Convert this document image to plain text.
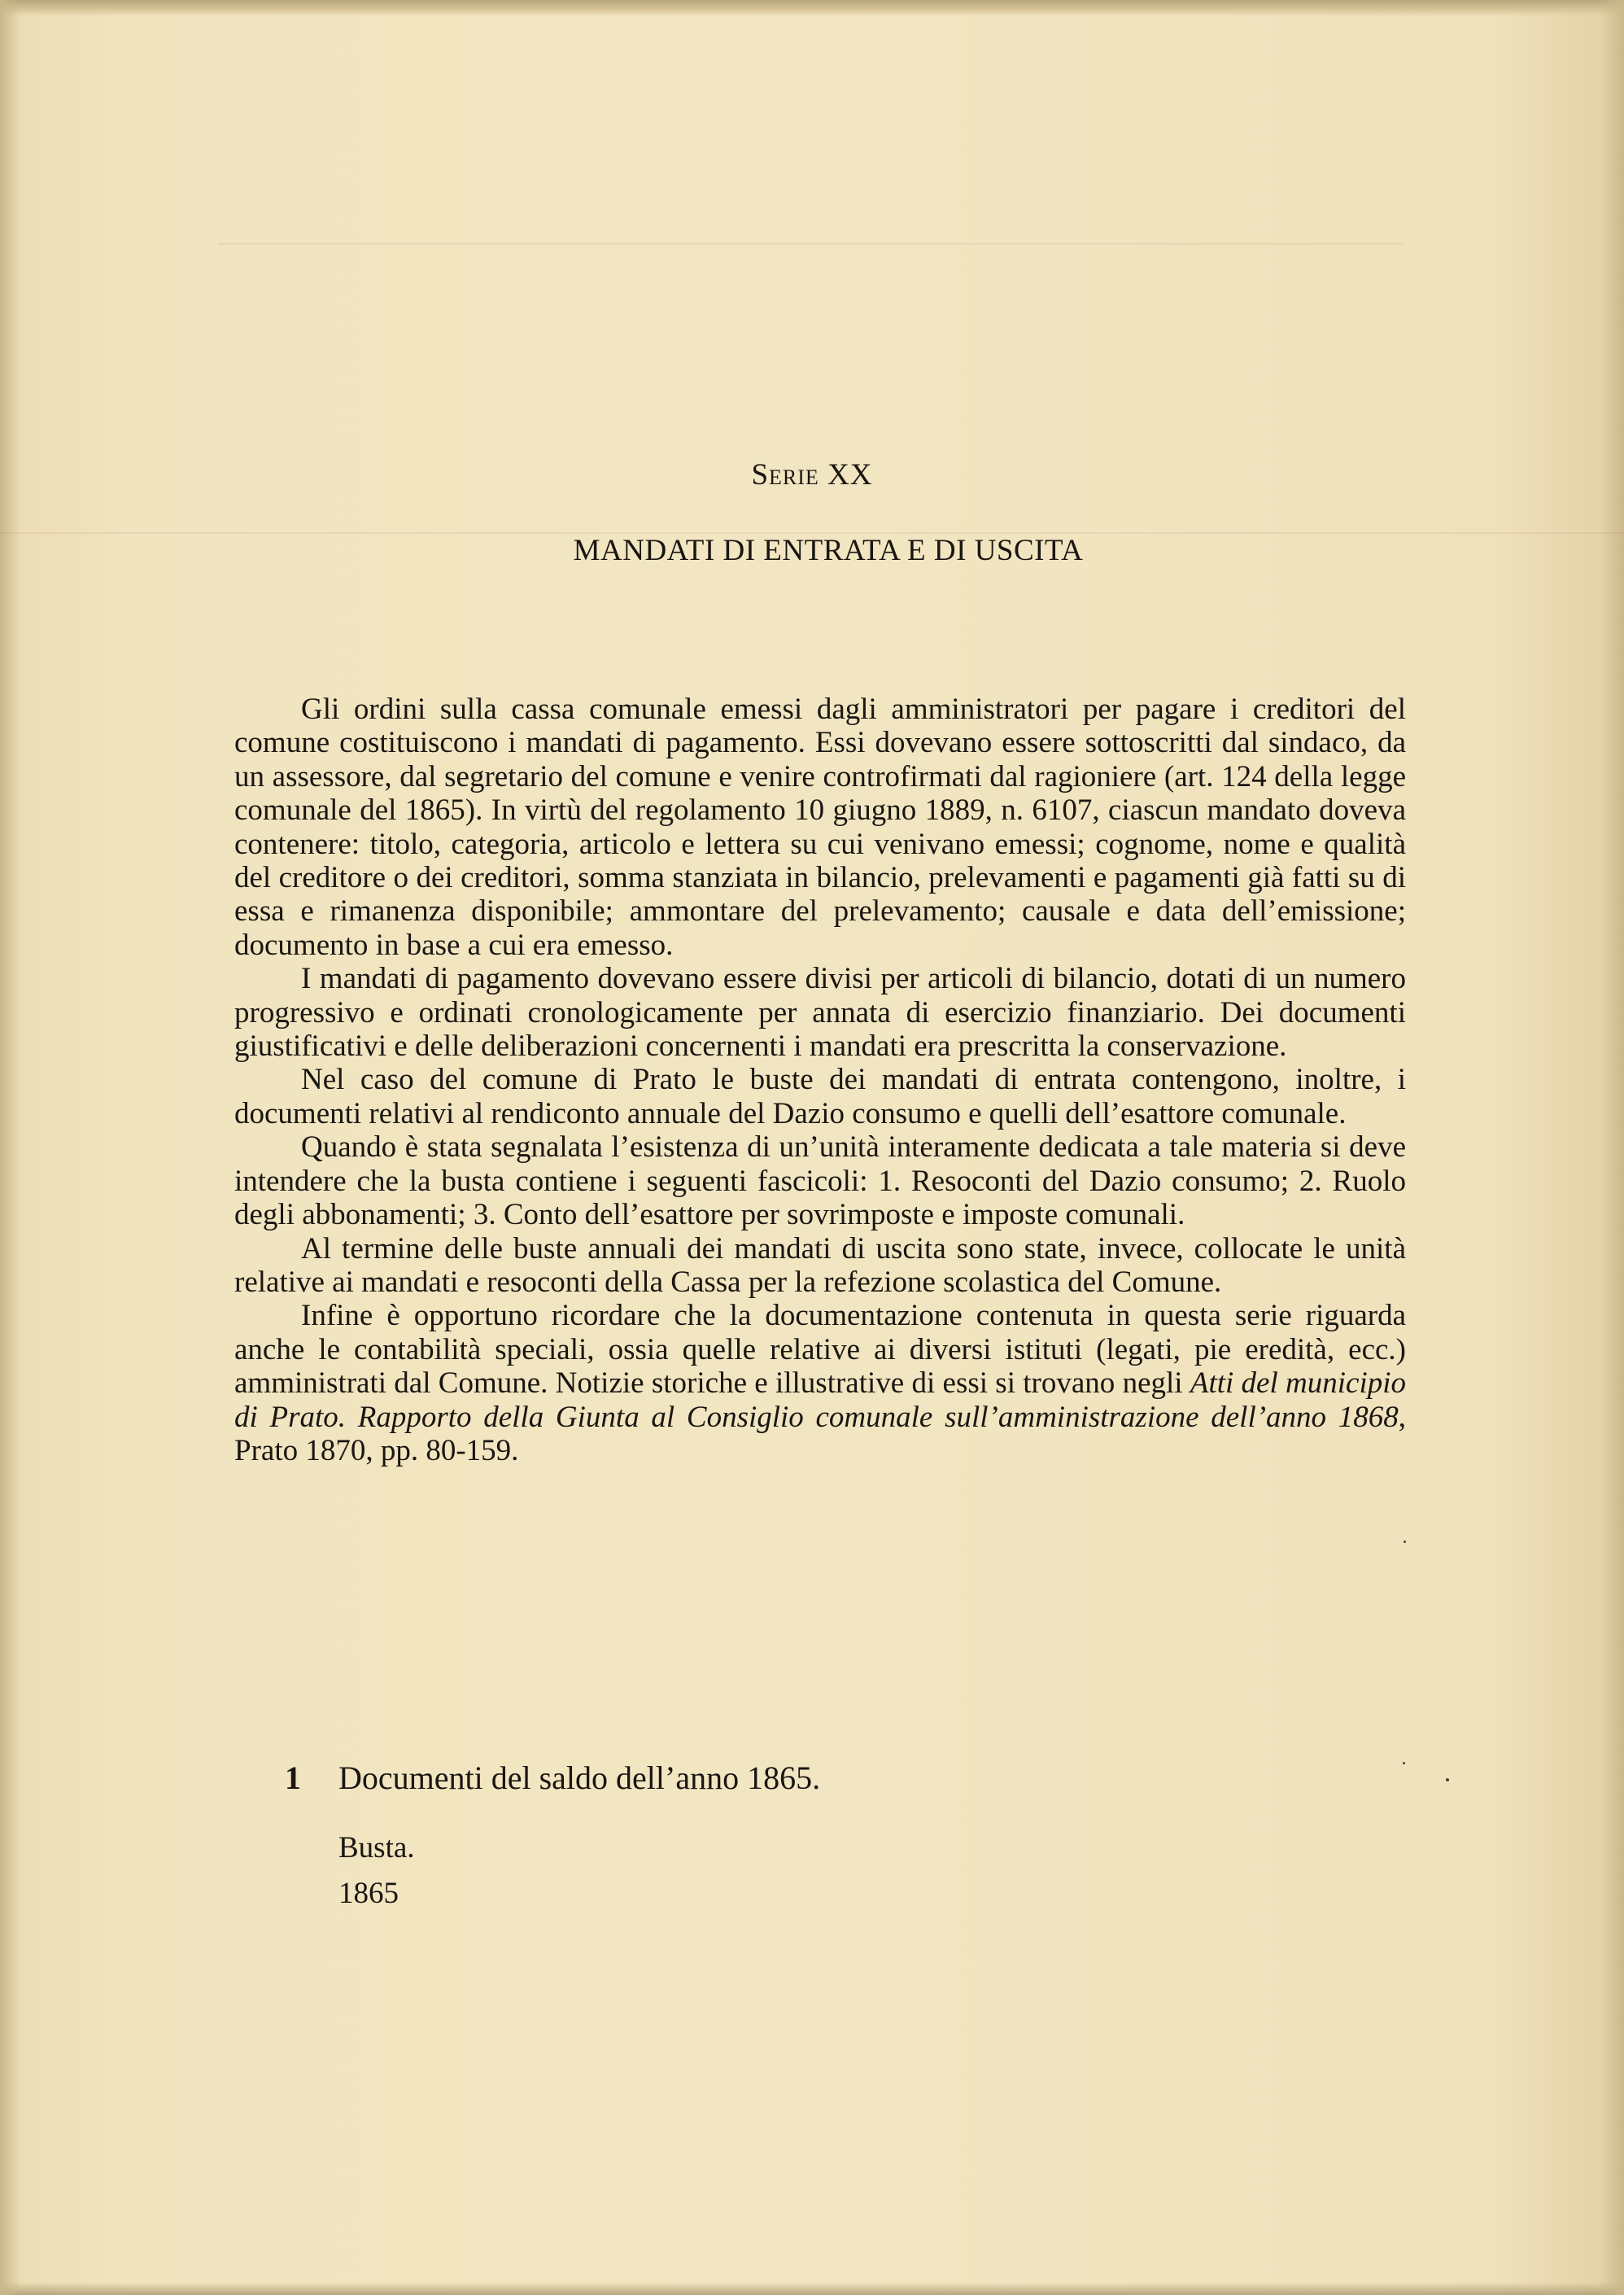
Serie XX
MANDATI DI ENTRATA E DI USCITA

Gli ordini sulla cassa comunale emessi dagli amministratori per pagare i creditori del comune costituiscono i mandati di pagamento. Essi dovevano essere sottoscritti dal sindaco, da un assessore, dal segretario del comune e venire controfirmati dal ragioniere (art. 124 della legge comunale del 1865). In virtù del regolamento 10 giugno 1889, n. 6107, ciascun mandato doveva contenere: titolo, categoria, articolo e lettera su cui venivano emessi; cognome, nome e qualità del creditore o dei creditori, somma stanziata in bilancio, prelevamenti e pagamenti già fatti su di essa e rimanenza disponibile; ammontare del prelevamento; causale e data dell’emissione; documento in base a cui era emesso.

I mandati di pagamento dovevano essere divisi per articoli di bilancio, dotati di un numero progressivo e ordinati cronologicamente per annata di esercizio finanziario. Dei documenti giustificativi e delle deliberazioni concernenti i mandati era prescritta la conservazione.

Nel caso del comune di Prato le buste dei mandati di entrata contengono, inoltre, i documenti relativi al rendiconto annuale del Dazio consumo e quelli dell’esattore comunale.

Quando è stata segnalata l’esistenza di un’unità interamente dedicata a tale materia si deve intendere che la busta contiene i seguenti fascicoli: 1. Resoconti del Dazio consumo; 2. Ruolo degli abbonamenti; 3. Conto dell’esattore per sovrimposte e imposte comunali.

Al termine delle buste annuali dei mandati di uscita sono state, invece, collocate le unità relative ai mandati e resoconti della Cassa per la refezione scolastica del Comune.

Infine è opportuno ricordare che la documentazione contenuta in questa serie riguarda anche le contabilità speciali, ossia quelle relative ai diversi istituti (legati, pie eredità, ecc.) amministrati dal Comune. Notizie storiche e illustrative di essi si trovano negli Atti del municipio di Prato. Rapporto della Giunta al Consiglio comunale sull’amministrazione dell’anno 1868, Prato 1870, pp. 80-159.

1 Documenti del saldo dell’anno 1865.
Busta.
1865
